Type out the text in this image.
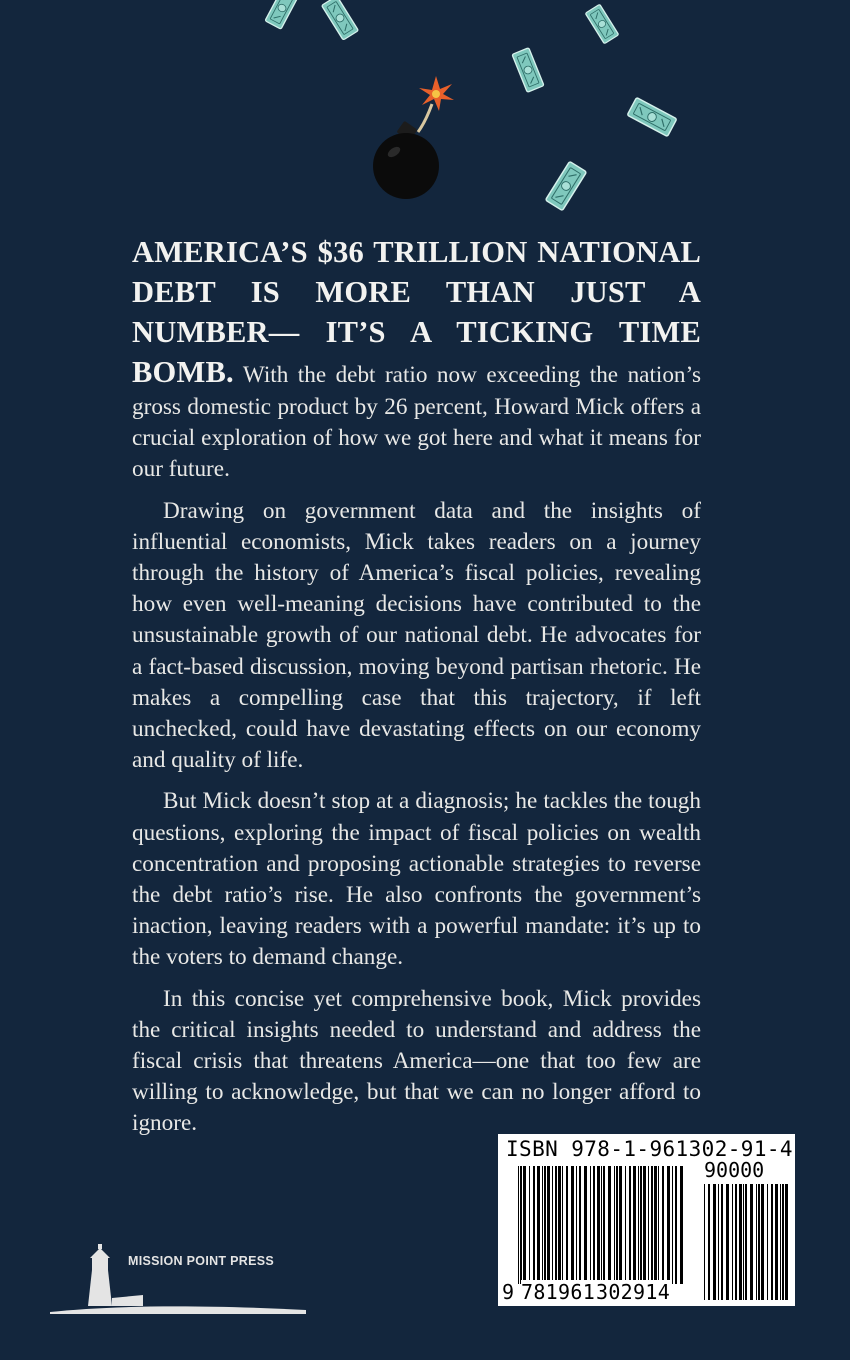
AMERICA’S $36 TRILLION NATIONAL DEBT IS MORE THAN JUST A NUMBER— IT’S A TICKING TIME BOMB. With the debt ratio now exceeding the nation’s gross domestic product by 26 percent, Howard Mick offers a crucial exploration of how we got here and what it means for our future.

Drawing on government data and the insights of influential economists, Mick takes readers on a journey through the history of America’s fiscal policies, revealing how even well-meaning decisions have contributed to the unsustainable growth of our national debt. He advocates for a fact-based discussion, moving beyond partisan rhetoric. He makes a compelling case that this trajectory, if left unchecked, could have devastating effects on our economy and quality of life.

But Mick doesn’t stop at a diagnosis; he tackles the tough questions, exploring the impact of fiscal policies on wealth concentration and proposing actionable strategies to reverse the debt ratio’s rise. He also confronts the government’s inaction, leaving readers with a powerful mandate: it’s up to the voters to demand change.

In this concise yet comprehensive book, Mick provides the critical insights needed to understand and address the fiscal crisis that threatens America—one that too few are willing to acknowledge, but that we can no longer afford to ignore.

ISBN 978-1-961302-91-4
90000
9 781961 302914
MISSION POINT PRESS
